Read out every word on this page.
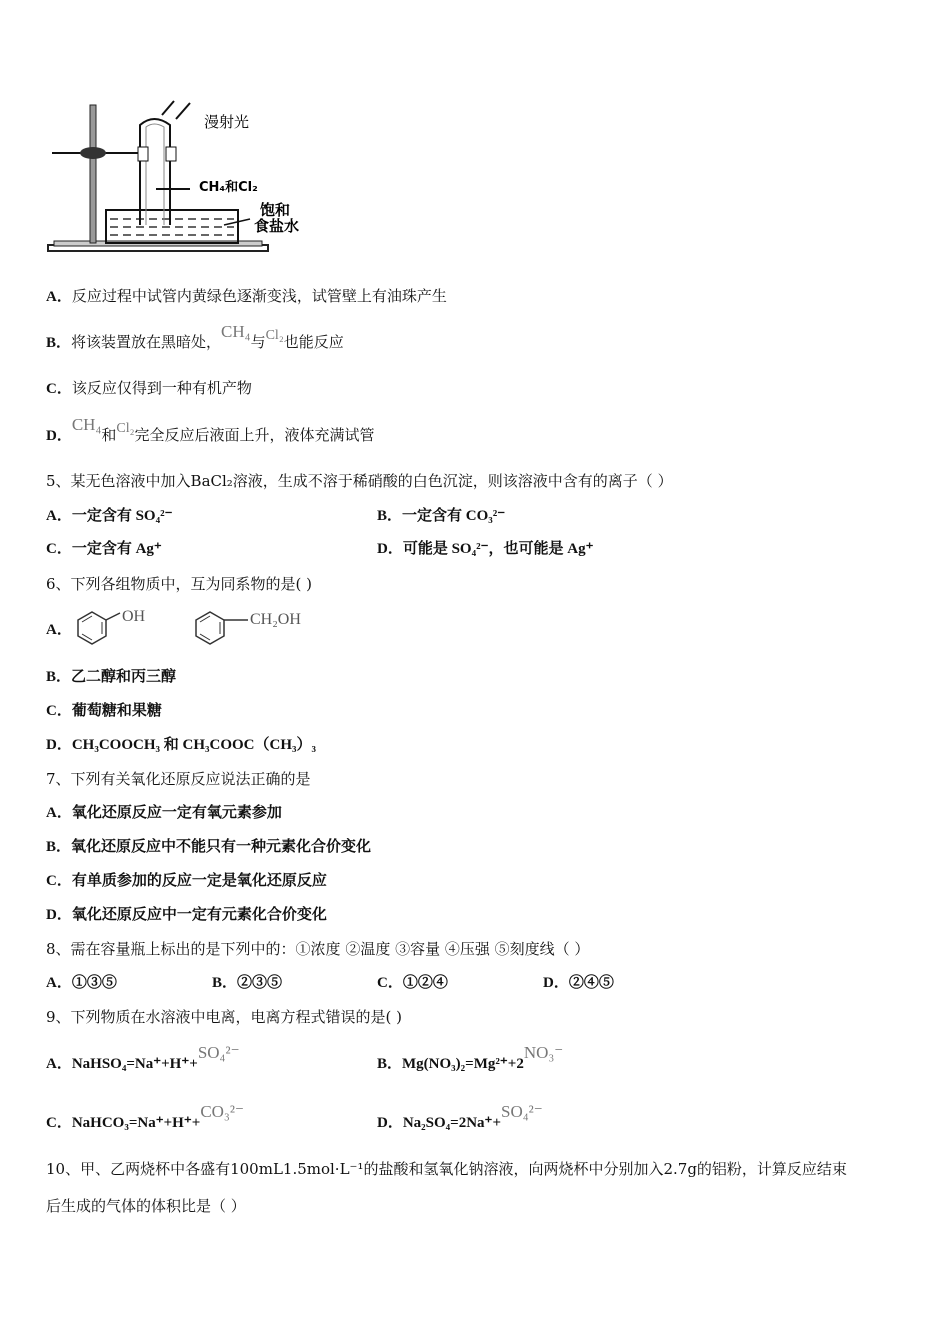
漫射光
CH₄和Cl₂
饱和
食盐水
A．反应过程中试管内黄绿色逐渐变浅，试管壁上有油珠产生
B．将该装置放在黑暗处，CH₄与Cl₂也能反应
C．该反应仅得到一种有机产物
D．CH₄和Cl₂完全反应后液面上升，液体充满试管
5、某无色溶液中加入BaCl₂溶液，生成不溶于稀硝酸的白色沉淀，则该溶液中含有的离子（ ）
A．一定含有 SO₄²⁻	B．一定含有 CO₃²⁻
C．一定含有 Ag⁺	D．可能是 SO₄²⁻，也可能是 Ag⁺
6、下列各组物质中，互为同系物的是( )
A．
OH	CH₂OH
B．乙二醇和丙三醇
C．葡萄糖和果糖
D．CH₃COOCH₃ 和 CH₃COOC（CH₃）₃
7、下列有关氧化还原反应说法正确的是
A．氧化还原反应一定有氧元素参加
B．氧化还原反应中不能只有一种元素化合价变化
C．有单质参加的反应一定是氧化还原反应
D．氧化还原反应中一定有元素化合价变化
8、需在容量瓶上标出的是下列中的：①浓度 ②温度 ③容量 ④压强 ⑤刻度线（ ）
A．①③⑤	B．②③⑤	C．①②④	D．②④⑤
9、下列物质在水溶液中电离，电离方程式错误的是( )
A．NaHSO₄=Na⁺+H⁺+SO₄²⁻
B．Mg(NO₃)₂=Mg²⁺+2NO₃⁻
C．NaHCO₃=Na⁺+H⁺+CO₃²⁻
D．Na₂SO₄=2Na⁺+SO₄²⁻
10、甲、乙两烧杯中各盛有100mL1.5mol·L⁻¹的盐酸和氢氧化钠溶液，向两烧杯中分别加入2.7g的铝粉，计算反应结束
后生成的气体的体积比是（ ）
